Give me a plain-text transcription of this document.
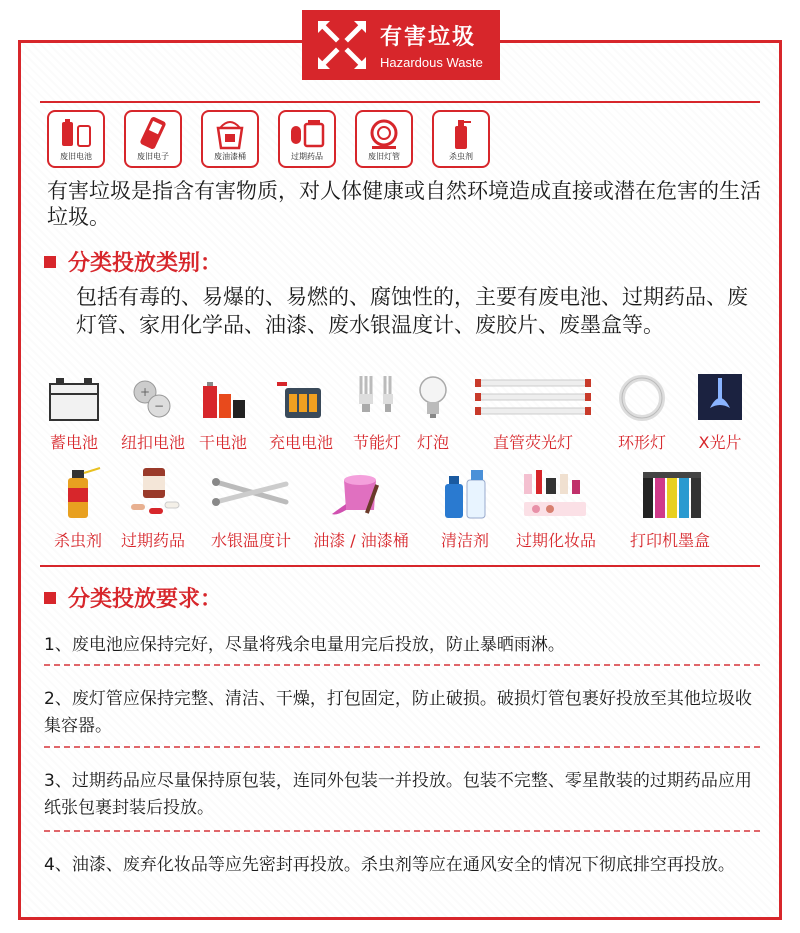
有害垃圾
Hazardous Waste
废旧电池	废旧电子	废油漆桶	过期药品	废旧灯管	杀虫剂
有害垃圾是指含有害物质，对人体健康或自然环境造成直接或潜在危害的生活垃圾。
分类投放类别：
包括有毒的、易爆的、易燃的、腐蚀性的，主要有废电池、过期药品、废灯管、家用化学品、油漆、废水银温度计、废胶片、废墨盒等。
蓄电池
+
−
纽扣电池 干电池	充电电池	节能灯 灯泡	直管荧光灯	环形灯	X光片
杀虫剂	过期药品	水银温度计	油漆 / 油漆桶	清洁剂	过期化妆品	打印机墨盒
分类投放要求：
1、废电池应保持完好，尽量将残余电量用完后投放，防止暴晒雨淋。
2、废灯管应保持完整、清洁、干燥，打包固定，防止破损。破损灯管包裹好投放至其他垃圾收集容器。
3、过期药品应尽量保持原包装，连同外包装一并投放。包装不完整、零星散装的过期药品应用纸张包裹封装后投放。
4、油漆、废弃化妆品等应先密封再投放。杀虫剂等应在通风安全的情况下彻底排空再投放。
